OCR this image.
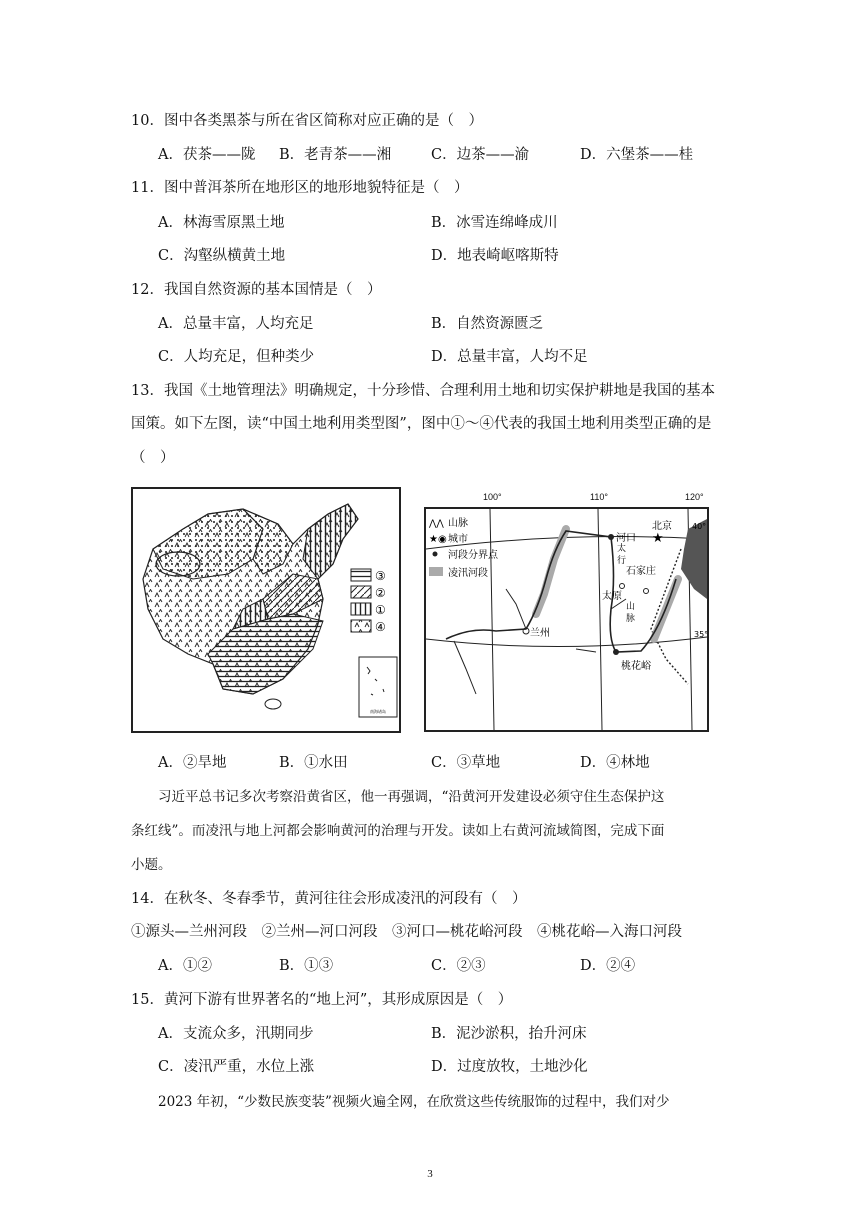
10．图中各类黑茶与所在省区简称对应正确的是（　）
A．茯茶——陇 B．老青茶——湘	C．边茶——渝	D．六堡茶——桂
11．图中普洱茶所在地形区的地形地貌特征是（　）
A．林海雪原黑土地	B．冰雪连绵峰成川
C．沟壑纵横黄土地	D．地表崎岖喀斯特
12．我国自然资源的基本国情是（　）
A．总量丰富，人均充足	B．自然资源匮乏
C．人均充足，但种类少	D．总量丰富，人均不足
13．我国《土地管理法》明确规定，十分珍惜、合理利用土地和切实保护耕地是我国的基本
国策。如下左图，读“中国土地利用类型图”，图中①～④代表的我国土地利用类型正确的是
（　）
③
②
①
④
南海诸岛
⋀⋀ 山脉
★◉ 城市
河段分界点
凌汛河段
河口 ★
北京
太原
石家庄
兰州
桃花峪
太
行
山
脉
40°
35°
100°	110°	120°
A．②旱地	B．①水田	C．③草地	D．④林地
习近平总书记多次考察沿黄省区，他一再强调，“沿黄河开发建设必须守住生态保护这
条红线”。而凌汛与地上河都会影响黄河的治理与开发。读如上右黄河流域简图，完成下面
小题。
14．在秋冬、冬春季节，黄河往往会形成凌汛的河段有（　）
①源头—兰州河段　②兰州—河口河段　③河口—桃花峪河段　④桃花峪—入海口河段
A．①②	B．①③	C．②③	D．②④
15．黄河下游有世界著名的“地上河”，其形成原因是（　）
A．支流众多，汛期同步	B．泥沙淤积，抬升河床
C．凌汛严重，水位上涨	D．过度放牧，土地沙化
2023 年初，“少数民族变装”视频火遍全网，在欣赏这些传统服饰的过程中，我们对少
3
